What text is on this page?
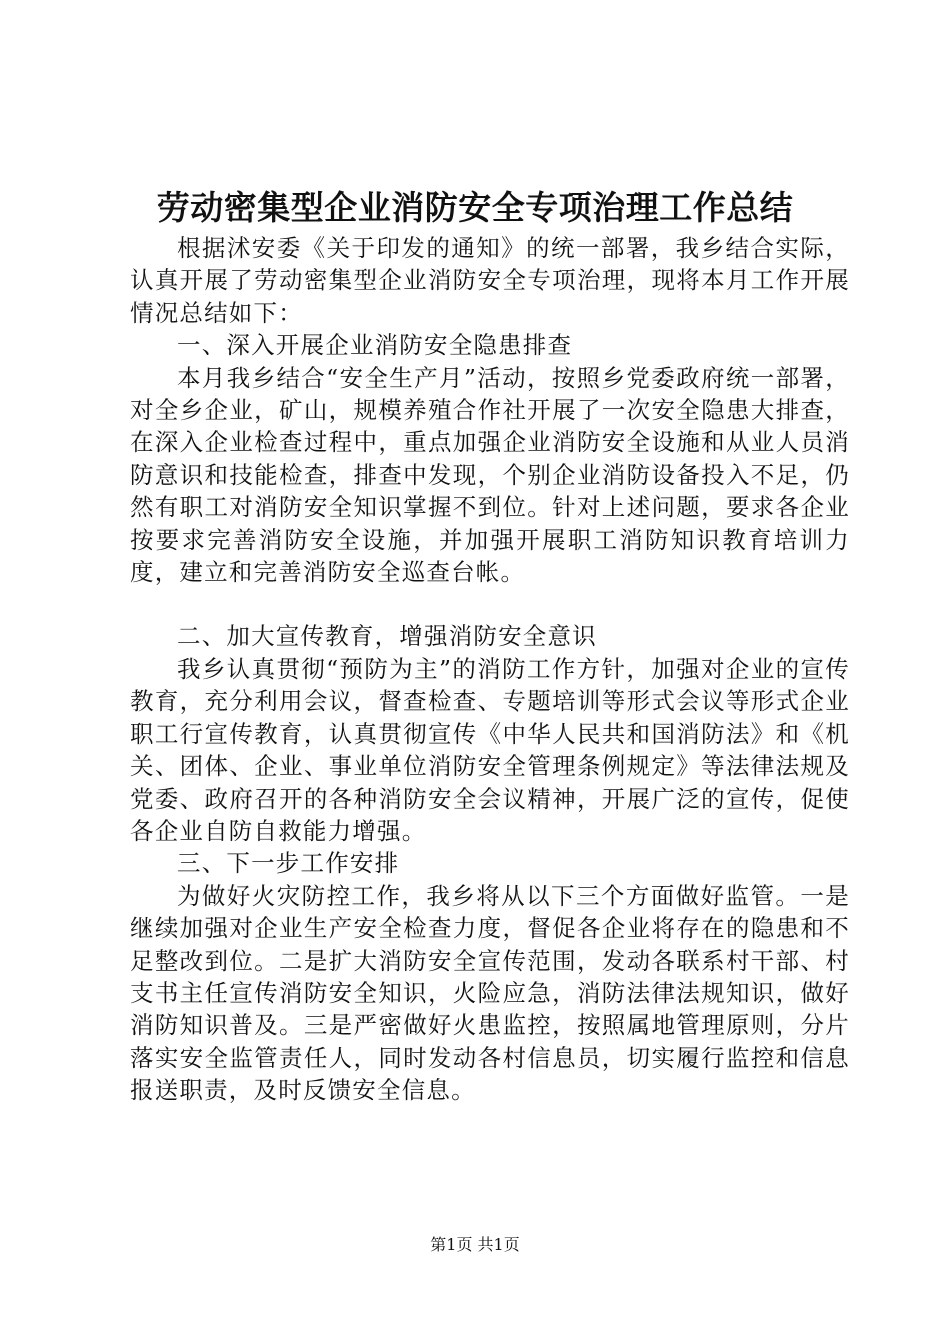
劳动密集型企业消防安全专项治理工作总结

根据沭安委《关于印发的通知》的统一部署，我乡结合实际，认真开展了劳动密集型企业消防安全专项治理，现将本月工作开展情况总结如下：

一、深入开展企业消防安全隐患排查

本月我乡结合“安全生产月”活动，按照乡党委政府统一部署，对全乡企业，矿山，规模养殖合作社开展了一次安全隐患大排查，在深入企业检查过程中，重点加强企业消防安全设施和从业人员消防意识和技能检查，排查中发现，个别企业消防设备投入不足，仍然有职工对消防安全知识掌握不到位。针对上述问题，要求各企业按要求完善消防安全设施，并加强开展职工消防知识教育培训力度，建立和完善消防安全巡查台帐。

二、加大宣传教育，增强消防安全意识

我乡认真贯彻“预防为主”的消防工作方针，加强对企业的宣传教育，充分利用会议，督查检查、专题培训等形式会议等形式企业职工行宣传教育，认真贯彻宣传《中华人民共和国消防法》和《机关、团体、企业、事业单位消防安全管理条例规定》等法律法规及党委、政府召开的各种消防安全会议精神，开展广泛的宣传，促使各企业自防自救能力增强。

三、下一步工作安排

为做好火灾防控工作，我乡将从以下三个方面做好监管。一是继续加强对企业生产安全检查力度，督促各企业将存在的隐患和不足整改到位。二是扩大消防安全宣传范围，发动各联系村干部、村支书主任宣传消防安全知识，火险应急，消防法律法规知识，做好消防知识普及。三是严密做好火患监控，按照属地管理原则，分片落实安全监管责任人，同时发动各村信息员，切实履行监控和信息报送职责，及时反馈安全信息。

第1页 共1页
